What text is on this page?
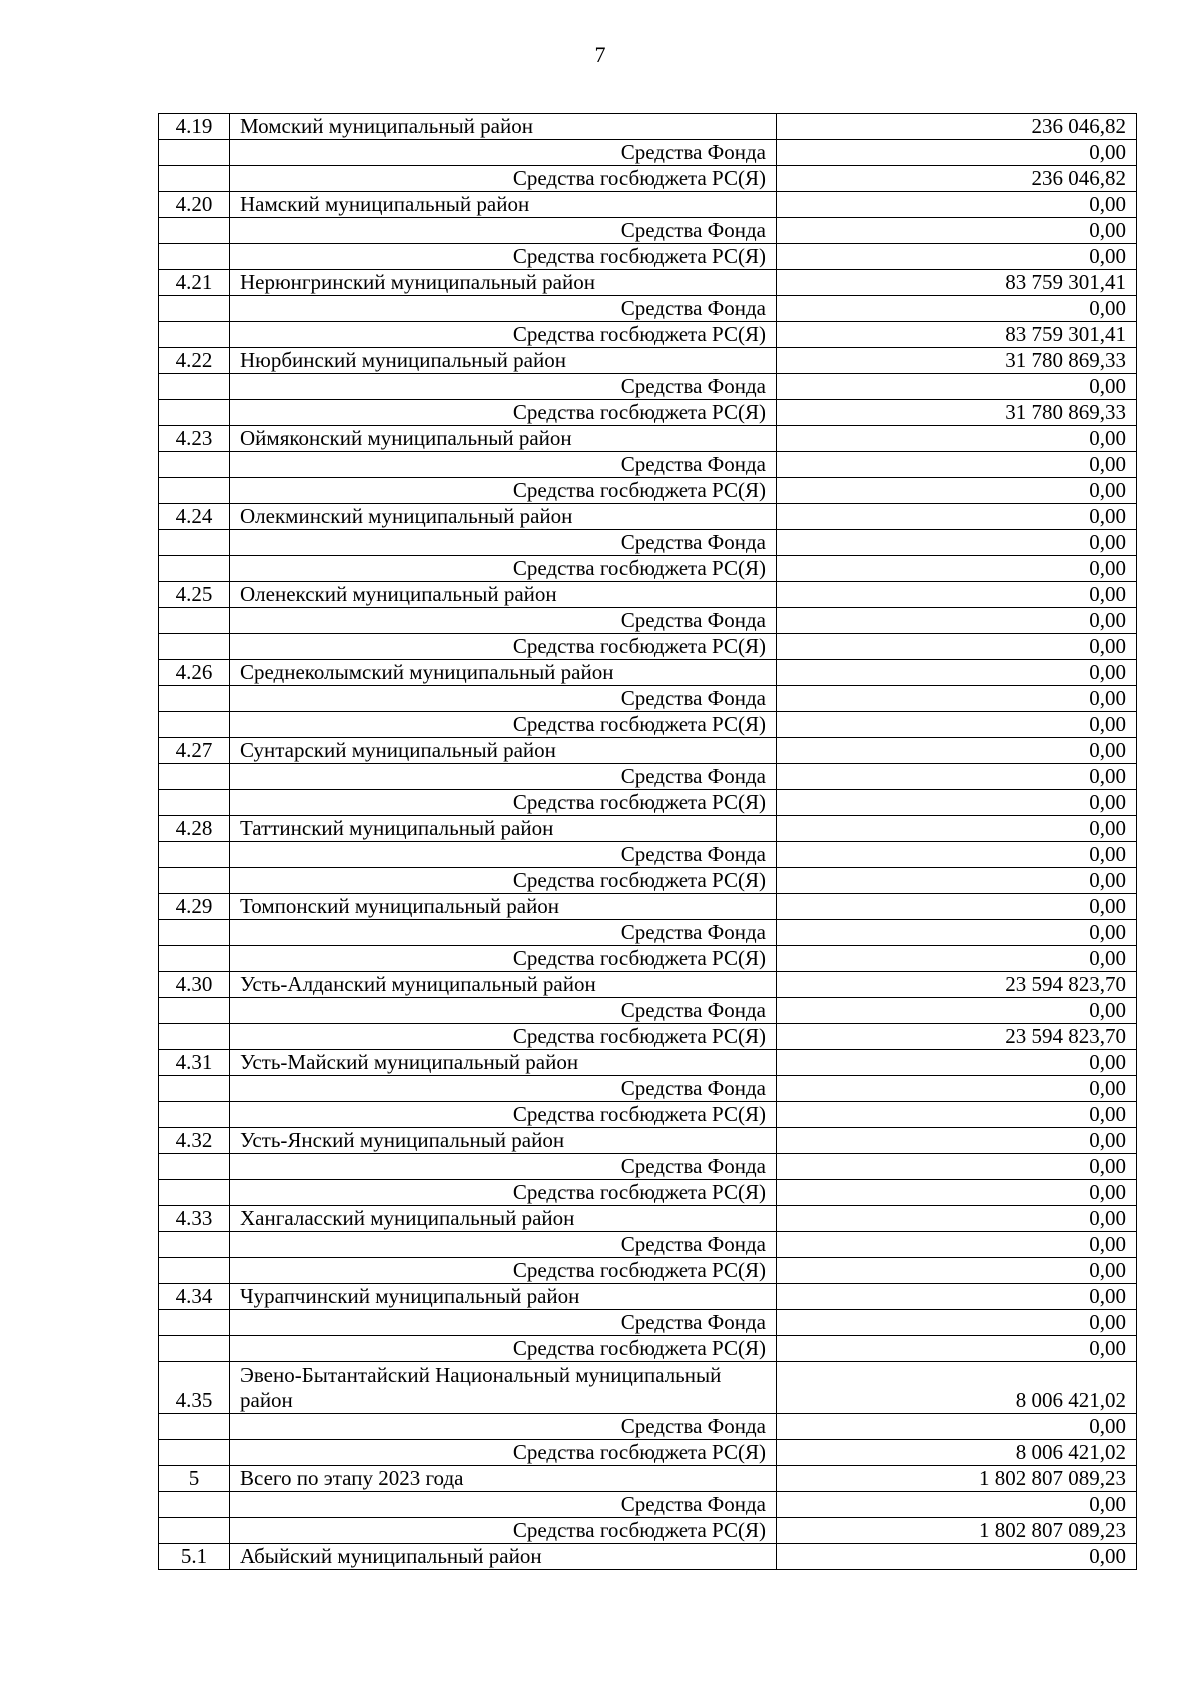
7
4.19	Момский муниципальный район	236 046,82
	Средства Фонда	0,00
	Средства госбюджета РС(Я)	236 046,82
4.20	Намский муниципальный район	0,00
	Средства Фонда	0,00
	Средства госбюджета РС(Я)	0,00
4.21	Нерюнгринский муниципальный район	83 759 301,41
	Средства Фонда	0,00
	Средства госбюджета РС(Я)	83 759 301,41
4.22	Нюрбинский муниципальный район	31 780 869,33
	Средства Фонда	0,00
	Средства госбюджета РС(Я)	31 780 869,33
4.23	Оймяконский муниципальный район	0,00
	Средства Фонда	0,00
	Средства госбюджета РС(Я)	0,00
4.24	Олекминский муниципальный район	0,00
	Средства Фонда	0,00
	Средства госбюджета РС(Я)	0,00
4.25	Оленекский муниципальный район	0,00
	Средства Фонда	0,00
	Средства госбюджета РС(Я)	0,00
4.26	Среднеколымский муниципальный район	0,00
	Средства Фонда	0,00
	Средства госбюджета РС(Я)	0,00
4.27	Сунтарский муниципальный район	0,00
	Средства Фонда	0,00
	Средства госбюджета РС(Я)	0,00
4.28	Таттинский муниципальный район	0,00
	Средства Фонда	0,00
	Средства госбюджета РС(Я)	0,00
4.29	Томпонский муниципальный район	0,00
	Средства Фонда	0,00
	Средства госбюджета РС(Я)	0,00
4.30	Усть-Алданский муниципальный район	23 594 823,70
	Средства Фонда	0,00
	Средства госбюджета РС(Я)	23 594 823,70
4.31	Усть-Майский муниципальный район	0,00
	Средства Фонда	0,00
	Средства госбюджета РС(Я)	0,00
4.32	Усть-Янский муниципальный район	0,00
	Средства Фонда	0,00
	Средства госбюджета РС(Я)	0,00
4.33	Хангаласский муниципальный район	0,00
	Средства Фонда	0,00
	Средства госбюджета РС(Я)	0,00
4.34	Чурапчинский муниципальный район	0,00
	Средства Фонда	0,00
	Средства госбюджета РС(Я)	0,00
4.35	Эвено-Бытантайский Национальный муниципальный район	8 006 421,02
	Средства Фонда	0,00
	Средства госбюджета РС(Я)	8 006 421,02
5	Всего по этапу 2023 года	1 802 807 089,23
	Средства Фонда	0,00
	Средства госбюджета РС(Я)	1 802 807 089,23
5.1	Абыйский муниципальный район	0,00
